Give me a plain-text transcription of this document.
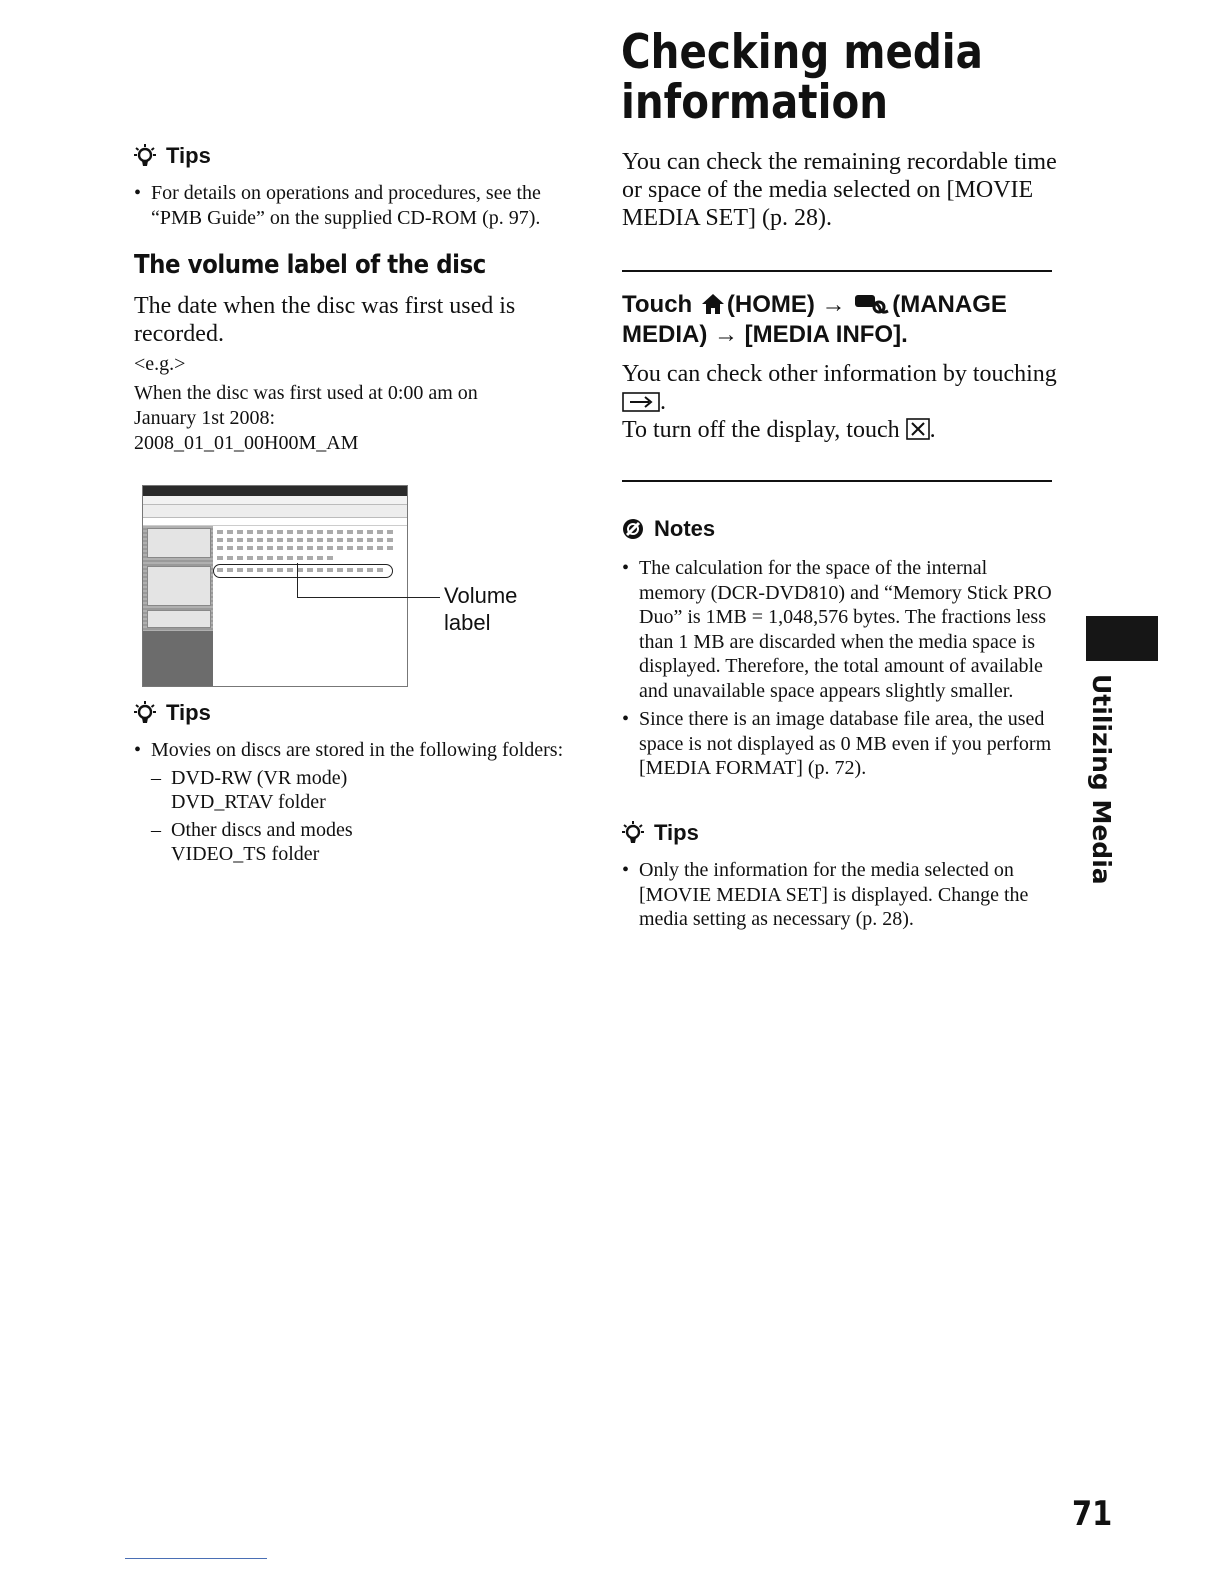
Tips
• For details on operations and procedures, see the “PMB Guide” on the supplied CD-ROM (p. 97).
The volume label of the disc
The date when the disc was first used is recorded.
<e.g.>
When the disc was first used at 0:00 am on
January 1st 2008:
2008_01_01_00H00M_AM
Volume
label
Tips
• Movies on discs are stored in the following folders:
– DVD-RW (VR mode)
DVD_RTAV folder
– Other discs and modes
VIDEO_TS folder
Checking media
information
You can check the remaining recordable time or space of the media selected on [MOVIE MEDIA SET] (p. 28).
Touch (HOME) → (MANAGE MEDIA) → [MEDIA INFO].
You can check other information by touching .
To turn off the display, touch .
Notes
• The calculation for the space of the internal memory (DCR-DVD810) and “Memory Stick PRO Duo” is 1MB = 1,048,576 bytes. The fractions less than 1 MB are discarded when the media space is displayed. Therefore, the total amount of available and unavailable space appears slightly smaller.
• Since there is an image database file area, the used space is not displayed as 0 MB even if you perform [MEDIA FORMAT] (p. 72).
Tips
• Only the information for the media selected on [MOVIE MEDIA SET] is displayed. Change the media setting as necessary (p. 28).
Utilizing Media
71
